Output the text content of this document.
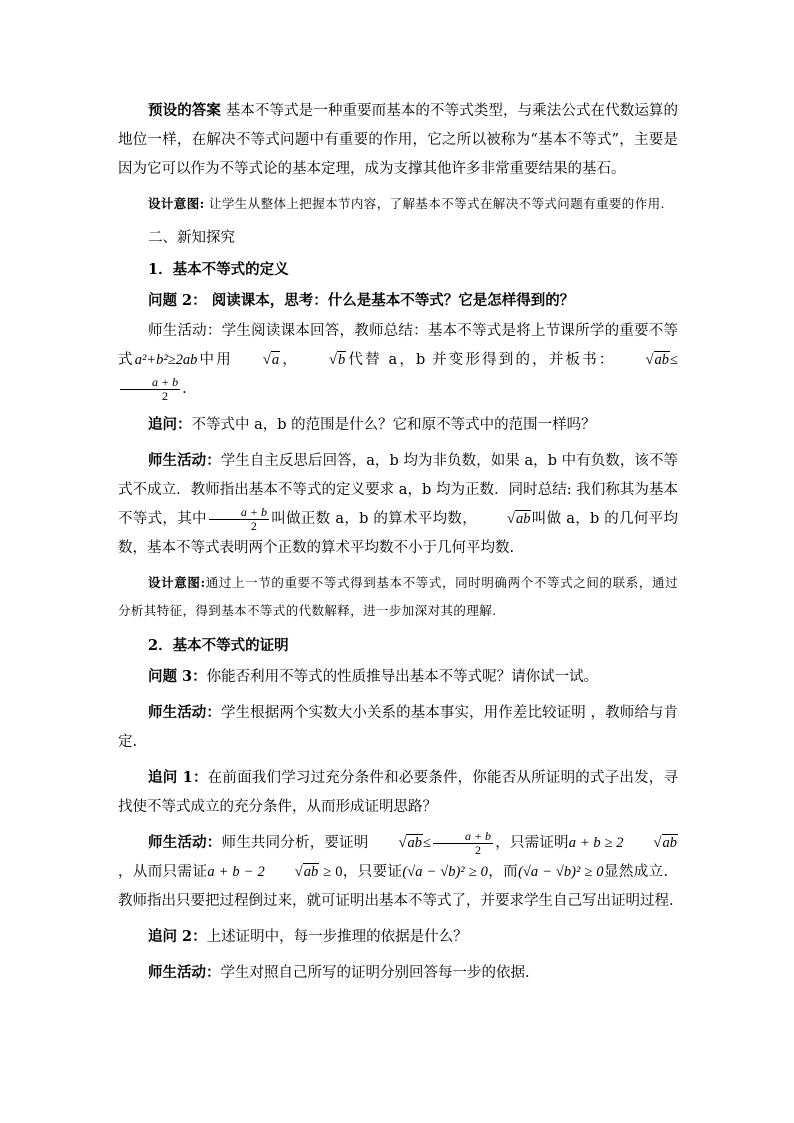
预设的答案 基本不等式是一种重要而基本的不等式类型，与乘法公式在代数运算的地位一样，在解决不等式问题中有重要的作用，它之所以被称为“基本不等式”，主要是因为它可以作为不等式论的基本定理，成为支撑其他许多非常重要结果的基石。

设计意图: 让学生从整体上把握本节内容，了解基本不等式在解决不等式问题有重要的作用.

二、新知探究

1．基本不等式的定义

问题 2： 阅读课本，思考：什么是基本不等式？它是怎样得到的？

师生活动：学生阅读课本回答，教师总结：基本不等式是将上节课所学的重要不等式a²+b²≥2ab中用 √a， √b代替 a，b 并变形得到的，并板书： √ab≤
$\frac{a + b}{2}$ .

追问：不等式中 a，b 的范围是什么？它和原不等式中的范围一样吗？

师生活动：学生自主反思后回答，a，b 均为非负数，如果 a，b 中有负数，该不等式不成立．教师指出基本不等式的定义要求 a，b 均为正数．同时总结: 我们称其为基本不等式，其中 $\frac{a + b}{2}$ 叫做正数 a，b 的算术平均数， √ab叫做 a，b 的几何平均数，基本不等式表明两个正数的算术平均数不小于几何平均数.

设计意图:通过上一节的重要不等式得到基本不等式，同时明确两个不等式之间的联系，通过分析其特征，得到基本不等式的代数解释，进一步加深对其的理解.

2．基本不等式的证明

问题 3：你能否利用不等式的性质推导出基本不等式呢？请你试一试。

师生活动：学生根据两个实数大小关系的基本事实，用作差比较证明 ，教师给与肯定.

追问 1：在前面我们学习过充分条件和必要条件，你能否从所证明的式子出发，寻找使不等式成立的充分条件，从而形成证明思路？

师生活动：师生共同分析，要证明 $√ab\le \frac{a + b}{2}$ ，只需证明a + b ≥ 2 √ab，从而只需证a + b − 2 √ab ≥ 0，只要证(√a − √b)² ≥ 0，而(√a − √b)² ≥ 0显然成立．教师指出只要把过程倒过来，就可证明出基本不等式了，并要求学生自己写出证明过程.

追问 2：上述证明中，每一步推理的依据是什么？

师生活动：学生对照自己所写的证明分别回答每一步的依据.
